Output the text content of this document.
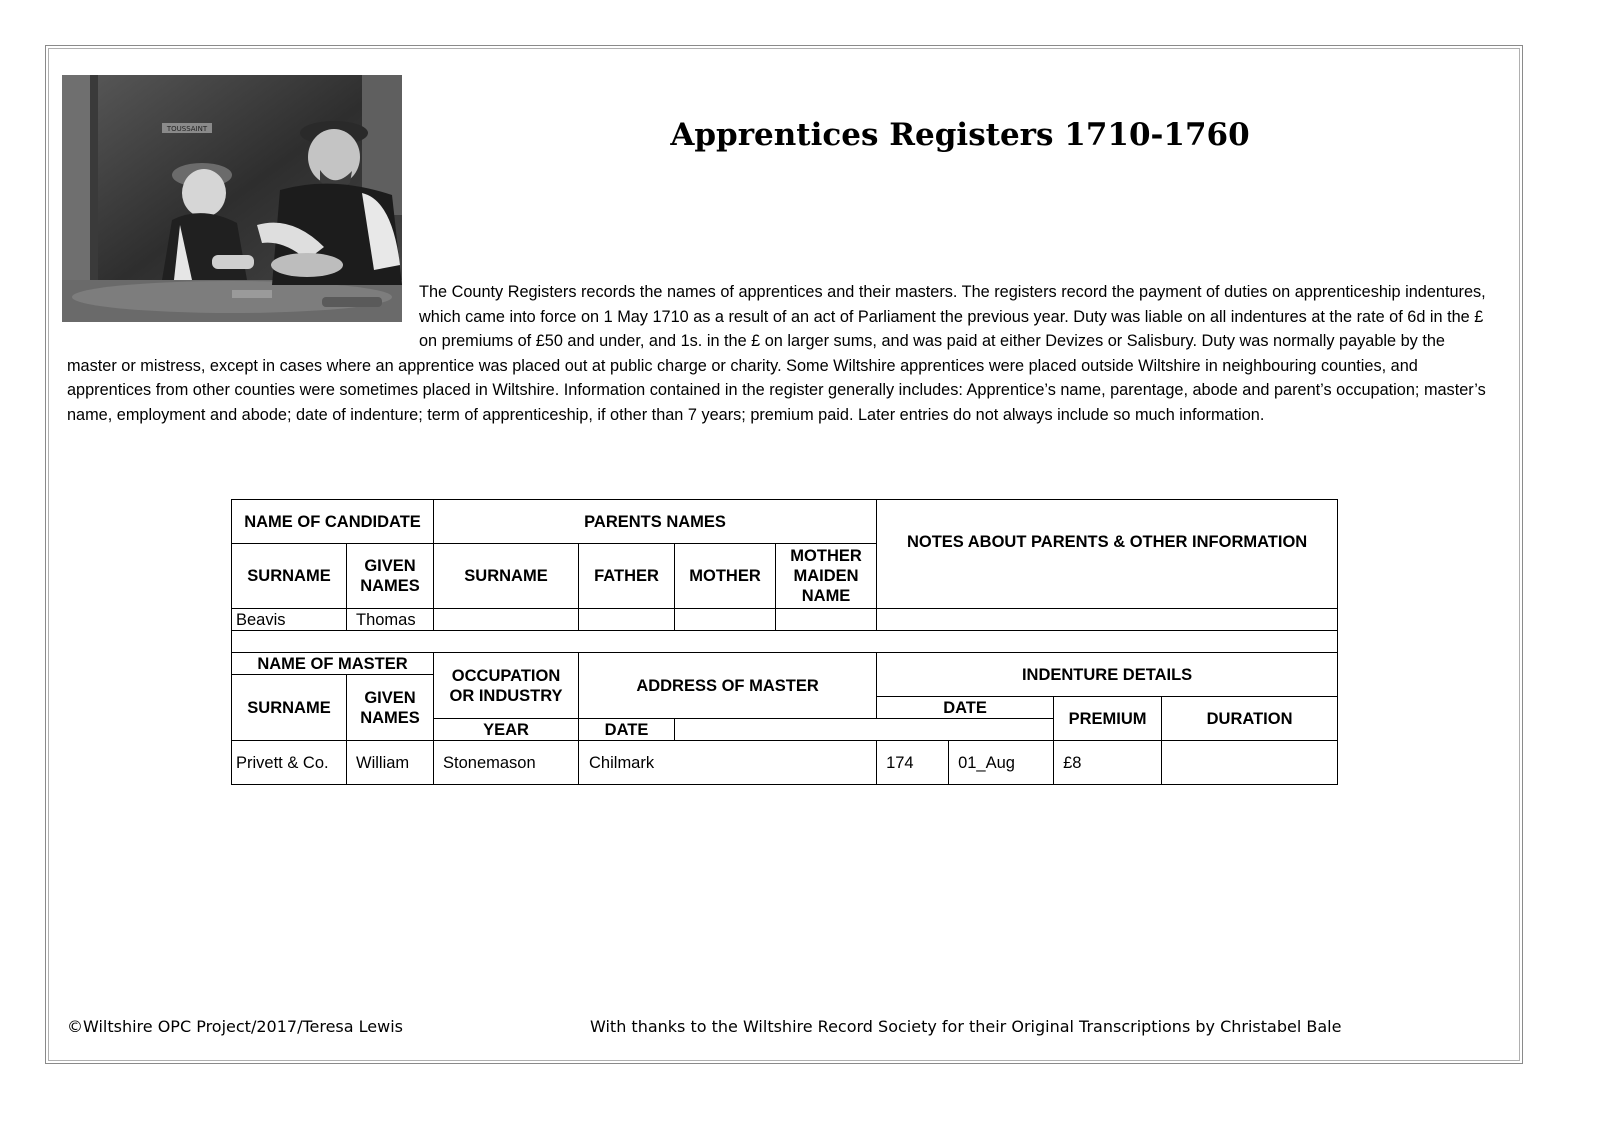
TOUSSAINT	Apprentices Registers 1710-1760

The County Registers records the names of apprentices and their masters. The registers record the payment of duties on apprenticeship indentures, which came into force on 1 May 1710 as a result of an act of Parliament the previous year. Duty was liable on all indentures at the rate of 6d in the £ on premiums of £50 and under, and 1s. in the £ on larger sums, and was paid at either Devizes or Salisbury. Duty was normally payable by the master or mistress, except in cases where an apprentice was placed out at public charge or charity. Some Wiltshire apprentices were placed outside Wiltshire in neighbouring counties, and apprentices from other counties were sometimes placed in Wiltshire. Information contained in the register generally includes: Apprentice’s name, parentage, abode and parent’s occupation; master’s name, employment and abode; date of indenture; term of apprenticeship, if other than 7 years; premium paid. Later entries do not always include so much information.

NAME OF CANDIDATE		PARENTS NAMES				NOTES ABOUT PARENTS & OTHER INFORMATION			
SURNAME	GIVEN NAMES	SURNAME	FATHER	MOTHER	MOTHER MAIDEN NAME				
Beavis	Thomas								

NAME OF MASTER		OCCUPATION OR INDUSTRY	ADDRESS OF MASTER			INDENTURE DETAILS			
SURNAME	GIVEN NAMES								
						DATE		PREMIUM	DURATION
		YEAR	DATE						
Privett & Co.	William	Stonemason	Chilmark			174	01_Aug	£8	
©Wiltshire OPC Project/2017/Teresa Lewis	With thanks to the Wiltshire Record Society for their Original Transcriptions by Christabel Bale
